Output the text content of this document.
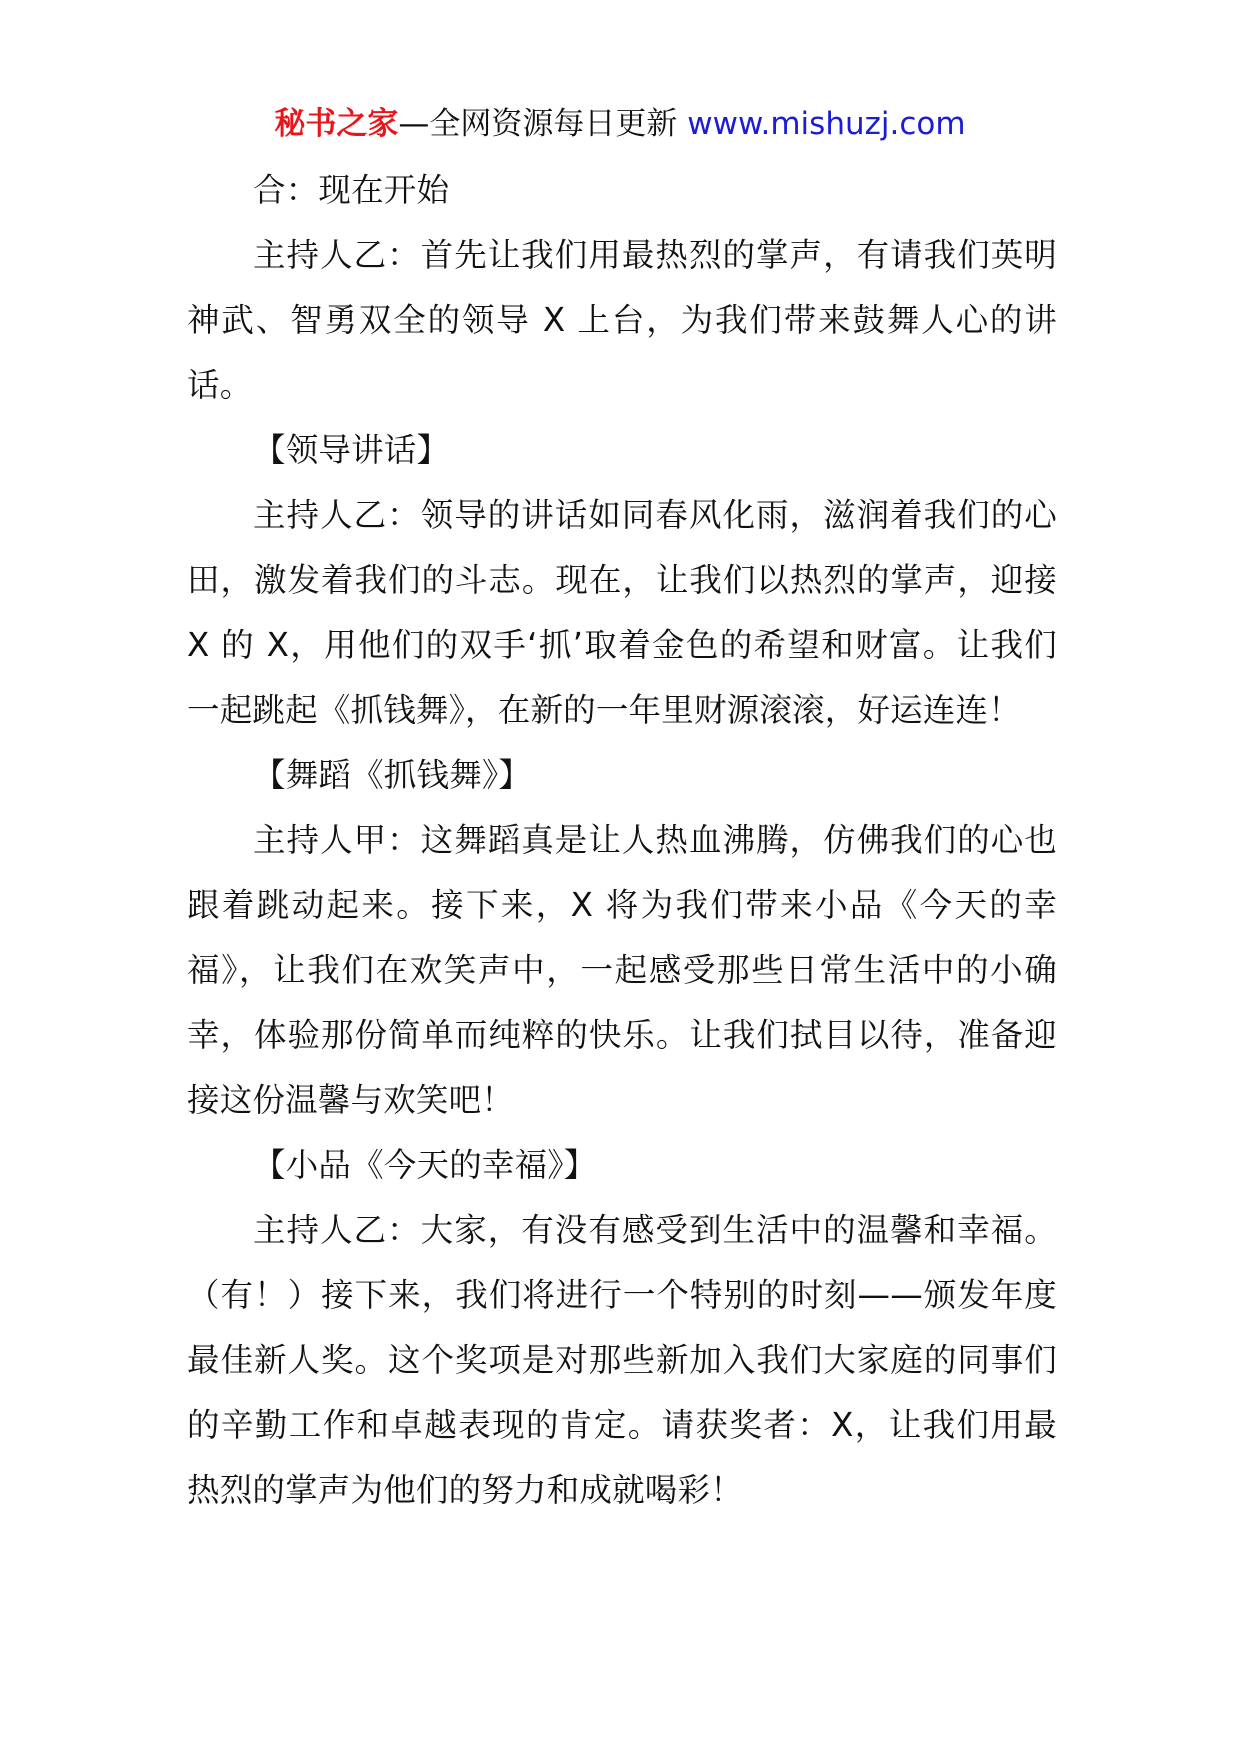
秘书之家—全网资源每日更新 www.mishuzj.com

合：现在开始

主持人乙：首先让我们用最热烈的掌声，有请我们英明神武、智勇双全的领导 X 上台，为我们带来鼓舞人心的讲话。

【领导讲话】

主持人乙：领导的讲话如同春风化雨，滋润着我们的心田，激发着我们的斗志。现在，让我们以热烈的掌声，迎接 X 的 X，用他们的双手‘抓’取着金色的希望和财富。让我们一起跳起《抓钱舞》，在新的一年里财源滚滚，好运连连！

【舞蹈《抓钱舞》】

主持人甲：这舞蹈真是让人热血沸腾，仿佛我们的心也跟着跳动起来。接下来，X 将为我们带来小品《今天的幸福》，让我们在欢笑声中，一起感受那些日常生活中的小确幸，体验那份简单而纯粹的快乐。让我们拭目以待，准备迎接这份温馨与欢笑吧！

【小品《今天的幸福》】

主持人乙：大家，有没有感受到生活中的温馨和幸福。（有！）接下来，我们将进行一个特别的时刻——颁发年度最佳新人奖。这个奖项是对那些新加入我们大家庭的同事们的辛勤工作和卓越表现的肯定。请获奖者：X，让我们用最热烈的掌声为他们的努力和成就喝彩！
